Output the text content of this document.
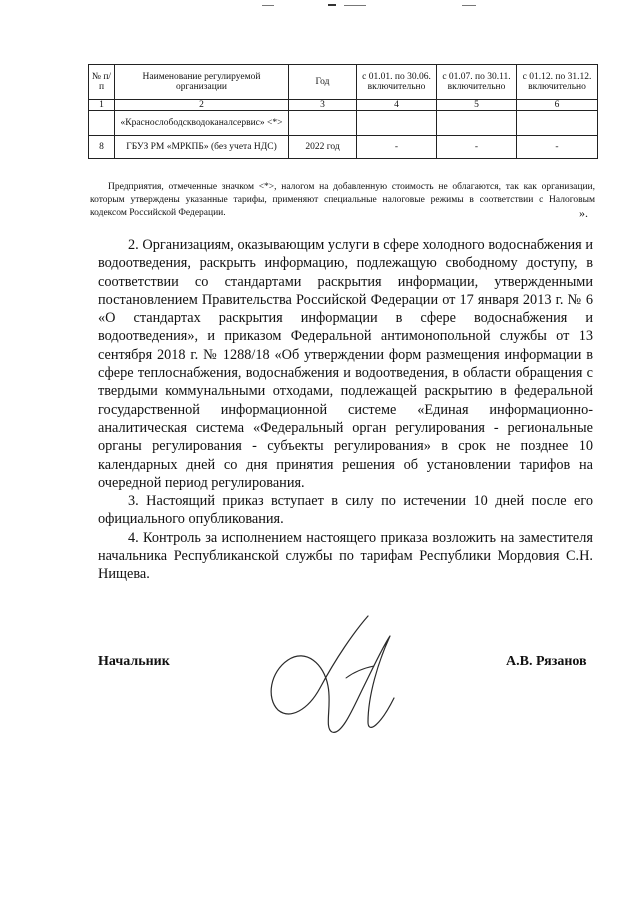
№ п/п	Наименование регулируемой организации	Год	с 01.01. по 30.06. включительно	с 01.07. по 30.11. включительно	с 01.12. по 31.12. включительно
1	2	3	4	5	6
	«Краснослободскводоканалсервис» <*>				
8	ГБУЗ РМ «МРКПБ» (без учета НДС)	2022 год	-	-	-
Предприятия, отмеченные значком <*>, налогом на добавленную стоимость не облагаются, так как организации, которым утверждены указанные тарифы, применяют специальные налоговые режимы в соответствии с Налоговым кодексом Российской Федерации.	».

2. Организациям, оказывающим услуги в сфере холодного водоснабжения и водоотведения, раскрыть информацию, подлежащую свободному доступу, в соответствии со стандартами раскрытия информации, утвержденными постановлением Правительства Российской Федерации от 17 января 2013 г. № 6 «О стандартах раскрытия информации в сфере водоснабжения и водоотведения», и приказом Федеральной антимонопольной службы от 13 сентября 2018 г. № 1288/18 «Об утверждении форм размещения информации в сфере теплоснабжения, водоснабжения и водоотведения, в области обращения с твердыми коммунальными отходами, подлежащей раскрытию в федеральной государственной информационной системе «Единая информационно-аналитическая система «Федеральный орган регулирования - региональные органы регулирования - субъекты регулирования» в срок не позднее 10 календарных дней со дня принятия решения об установлении тарифов на очередной период регулирования.

3. Настоящий приказ вступает в силу по истечении 10 дней после его официального опубликования.

4. Контроль за исполнением настоящего приказа возложить на заместителя начальника Республиканской службы по тарифам Республики Мордовия С.Н. Нищева.

Начальник	А.В. Рязанов
